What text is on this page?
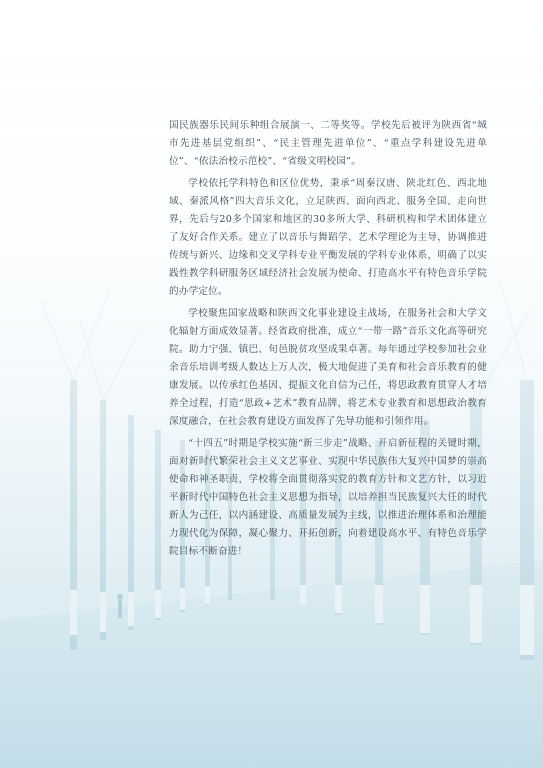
国民族器乐民间乐种组合展演一、二等奖等。学校先后被评为陕西省“城市先进基层党组织”、“民主管理先进单位”、“重点学科建设先进单位”、“依法治校示范校”、“省级文明校园”。

学校依托学科特色和区位优势，秉承“周秦汉唐、陕北红色、西北地域、秦派风格”四大音乐文化，立足陕西、面向西北、服务全国、走向世界，先后与20多个国家和地区的30多所大学、科研机构和学术团体建立了友好合作关系。建立了以音乐与舞蹈学、艺术学理论为主导，协调推进传统与新兴、边缘和交叉学科专业平衡发展的学科专业体系，明确了以实践性教学科研服务区域经济社会发展为使命、打造高水平有特色音乐学院的办学定位。

学校聚焦国家战略和陕西文化事业建设主战场，在服务社会和大学文化辐射方面成效显著。经省政府批准，成立“一带一路”音乐文化高等研究院。助力宁强、镇巴、旬邑脱贫攻坚成果卓著。每年通过学校参加社会业余音乐培训考级人数达上万人次，极大地促进了美育和社会音乐教育的健康发展。以传承红色基因、提振文化自信为己任，将思政教育贯穿人才培养全过程，打造“思政+艺术”教育品牌，将艺术专业教育和思想政治教育深度融合，在社会教育建设方面发挥了先导功能和引领作用。

“十四五”时期是学校实施“新三步走”战略、开启新征程的关键时期，面对新时代繁荣社会主义文艺事业、实现中华民族伟大复兴中国梦的崇高使命和神圣职责，学校将全面贯彻落实党的教育方针和文艺方针，以习近平新时代中国特色社会主义思想为指导，以培养担当民族复兴大任的时代新人为己任，以内涵建设、高质量发展为主线，以推进治理体系和治理能力现代化为保障，凝心聚力、开拓创新，向着建设高水平、有特色音乐学院目标不断奋进！
